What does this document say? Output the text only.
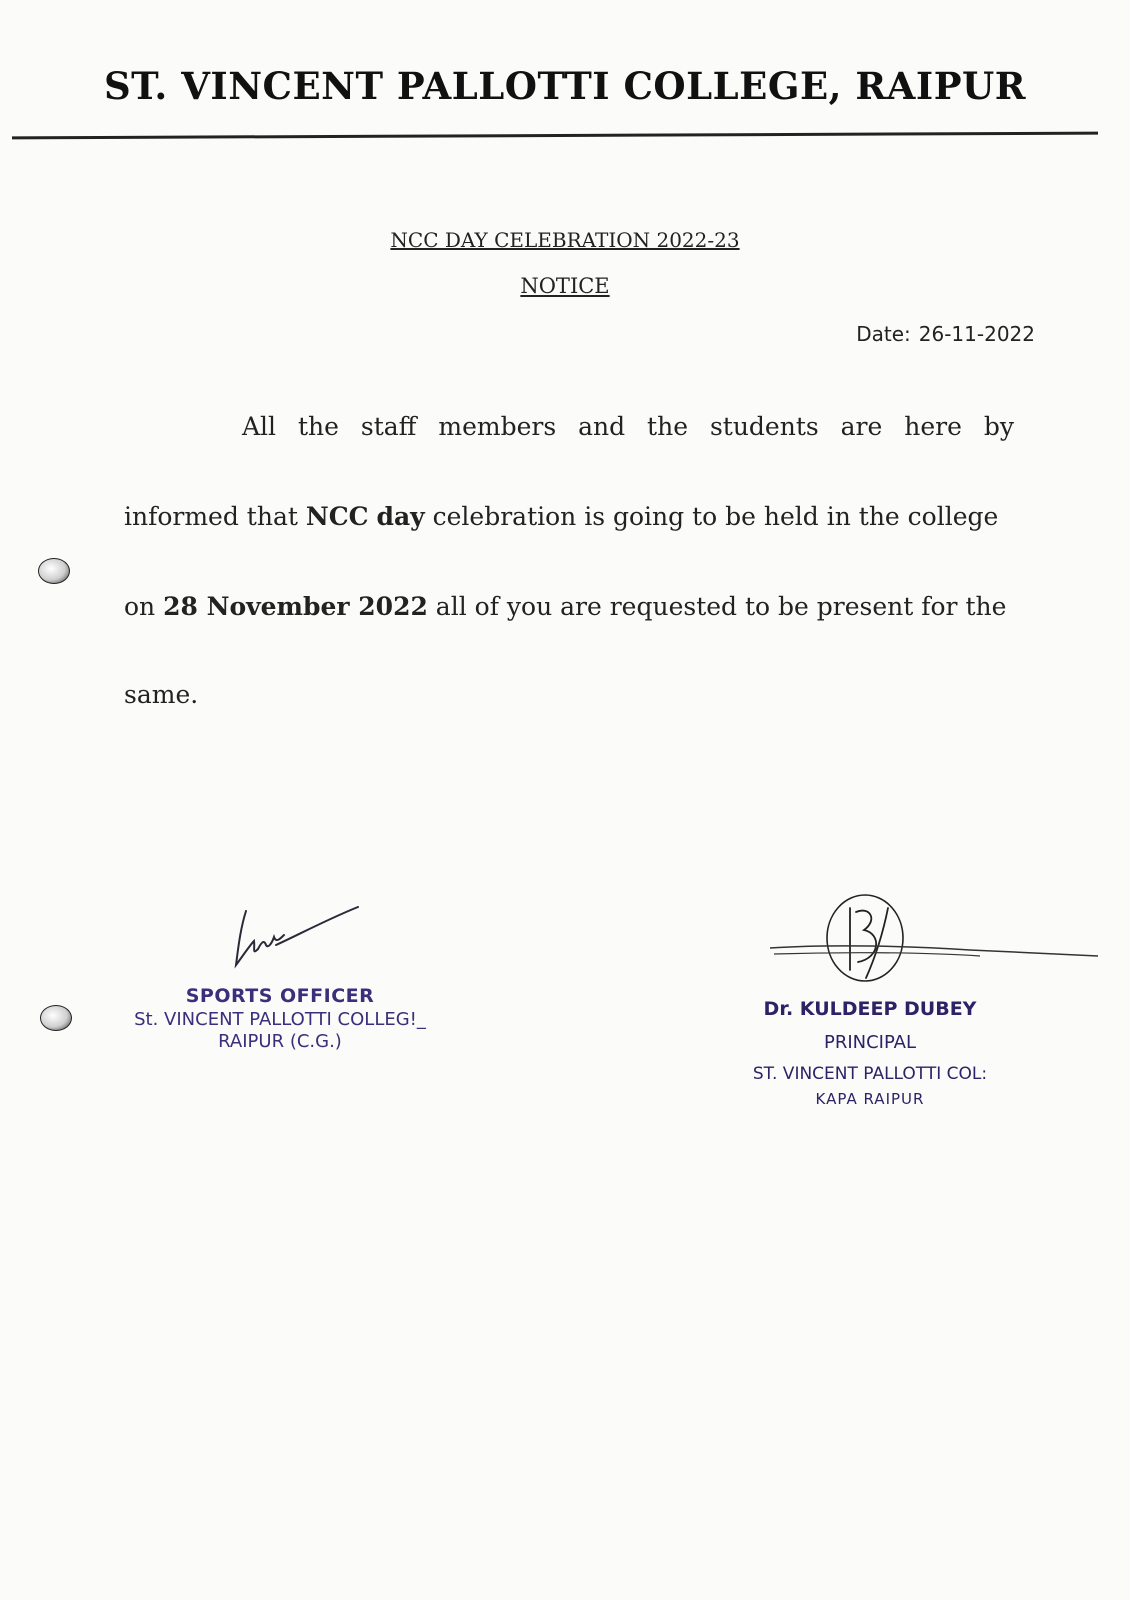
ST. VINCENT PALLOTTI COLLEGE, RAIPUR
NCC DAY CELEBRATION 2022-23
NOTICE
Date: 26-11-2022
All the staff members and the students are here by
informed that NCC day celebration is going to be held in the college
on 28 November 2022 all of you are requested to be present for the
same.
SPORTS OFFICER
St. VINCENT PALLOTTI COLLEG!_
RAIPUR (C.G.)
Dr. KULDEEP DUBEY
PRINCIPAL
ST. VINCENT PALLOTTI COL:
KAPA RAIPUR
